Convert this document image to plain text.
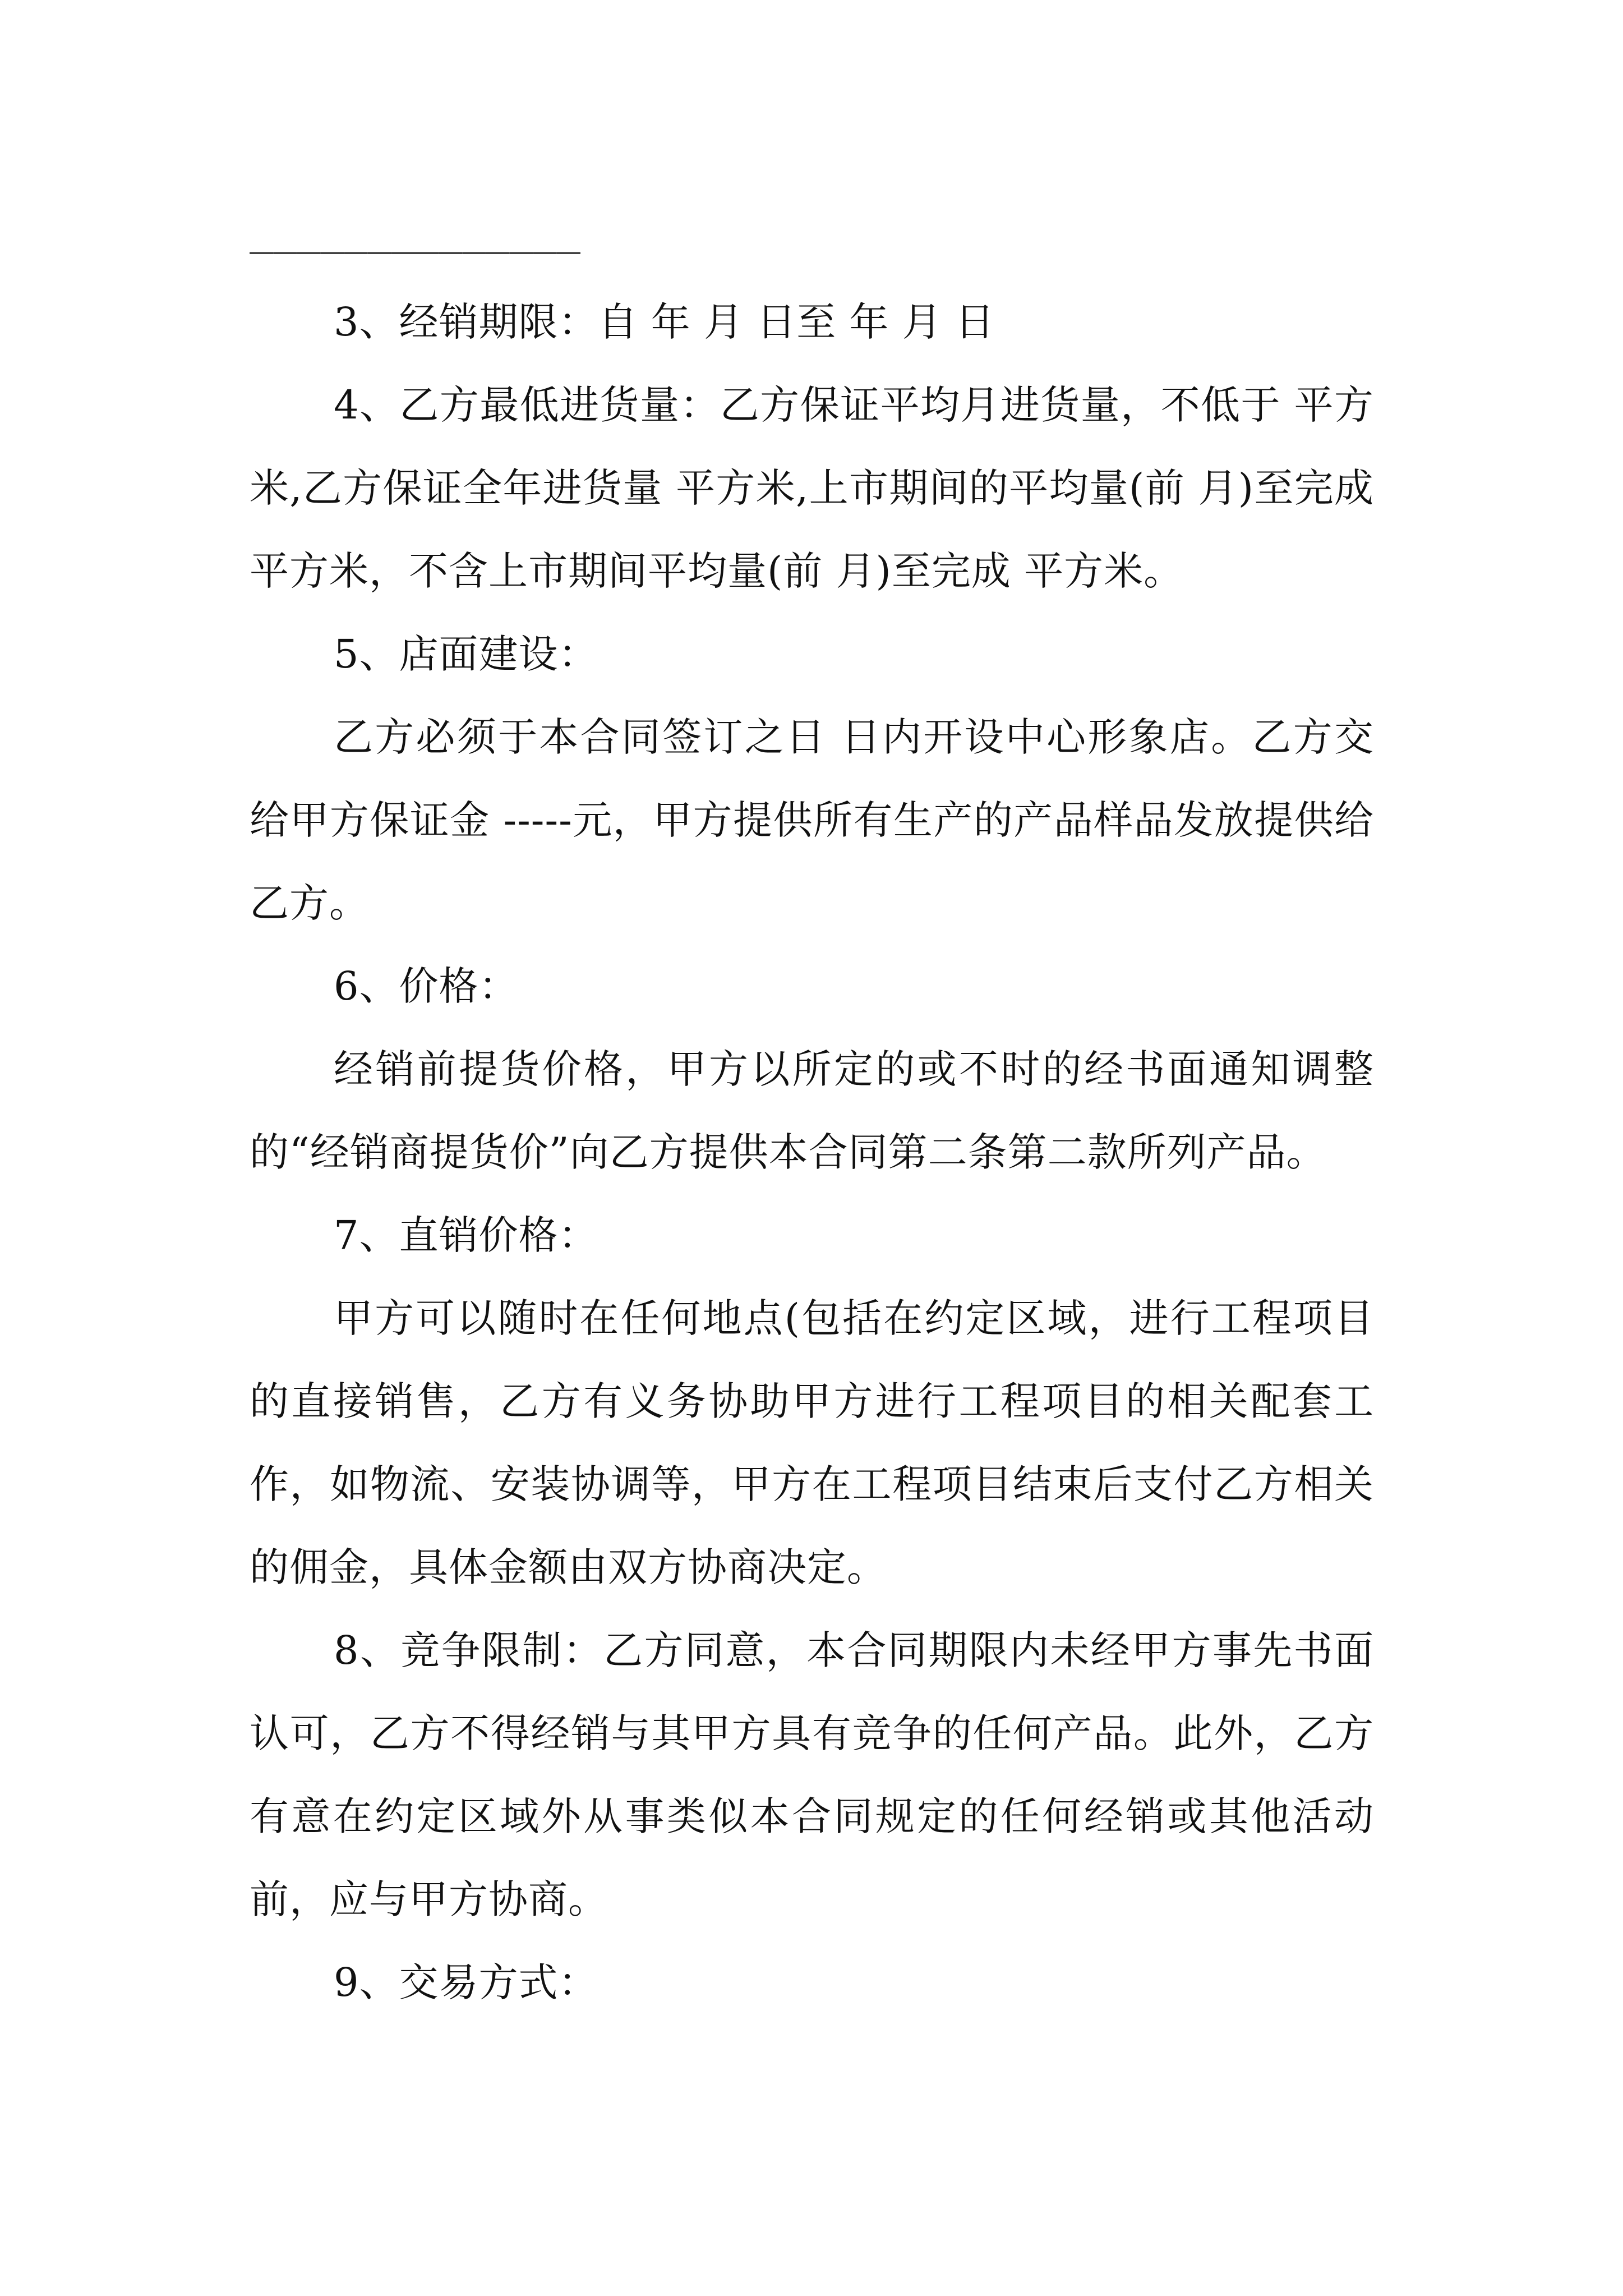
______________

3、经销期限：自 年 月 日至 年 月 日

4、乙方最低进货量：乙方保证平均月进货量，不低于 平方米,乙方保证全年进货量 平方米,上市期间的平均量(前 月)至完成 平方米，不含上市期间平均量(前 月)至完成 平方米。

5、店面建设：

乙方必须于本合同签订之日 日内开设中心形象店。乙方交给甲方保证金 -----元，甲方提供所有生产的产品样品发放提供给乙方。

6、价格：

经销前提货价格，甲方以所定的或不时的经书面通知调整的“经销商提货价”向乙方提供本合同第二条第二款所列产品。

7、直销价格：

甲方可以随时在任何地点(包括在约定区域，进行工程项目的直接销售，乙方有义务协助甲方进行工程项目的相关配套工作，如物流、安装协调等，甲方在工程项目结束后支付乙方相关的佣金，具体金额由双方协商决定。

8、竞争限制：乙方同意，本合同期限内未经甲方事先书面认可，乙方不得经销与其甲方具有竞争的任何产品。此外，乙方有意在约定区域外从事类似本合同规定的任何经销或其他活动前，应与甲方协商。

9、交易方式：
